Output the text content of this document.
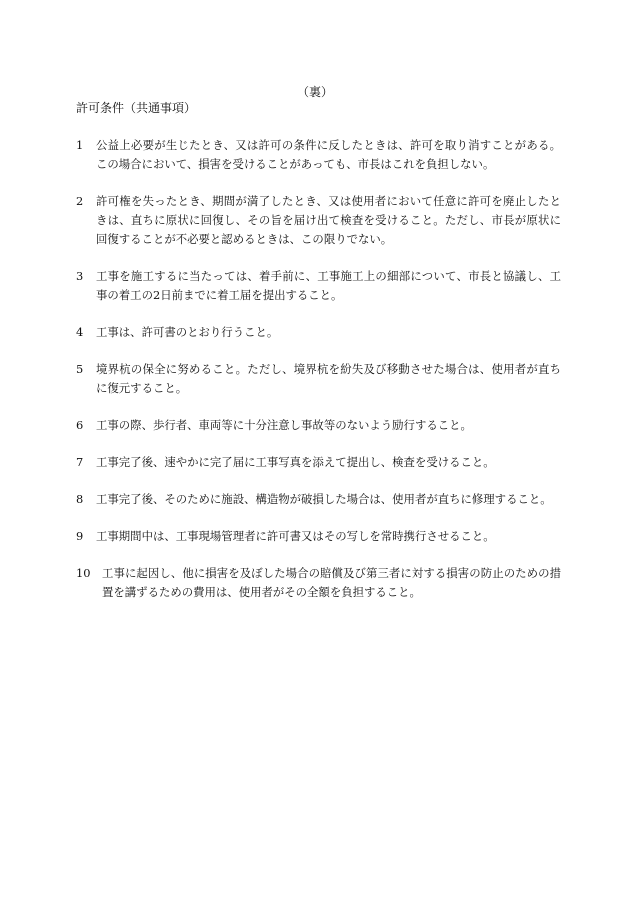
（裏）
許可条件（共通事項）
1	公益上必要が生じたとき、又は許可の条件に反したときは、許可を取り消すことがある。この場合において、損害を受けることがあっても、市長はこれを負担しない。
2	許可権を失ったとき、期間が満了したとき、又は使用者において任意に許可を廃止したときは、直ちに原状に回復し、その旨を届け出て検査を受けること。ただし、市長が原状に回復することが不必要と認めるときは、この限りでない。
3	工事を施工するに当たっては、着手前に、工事施工上の細部について、市長と協議し、工事の着工の2日前までに着工届を提出すること。
4	工事は、許可書のとおり行うこと。
5	境界杭の保全に努めること。ただし、境界杭を紛失及び移動させた場合は、使用者が直ちに復元すること。
6	工事の際、歩行者、車両等に十分注意し事故等のないよう励行すること。
7	工事完了後、速やかに完了届に工事写真を添えて提出し、検査を受けること。
8	工事完了後、そのために施設、構造物が破損した場合は、使用者が直ちに修理すること。
9	工事期間中は、工事現場管理者に許可書又はその写しを常時携行させること。
10	工事に起因し、他に損害を及ぼした場合の賠償及び第三者に対する損害の防止のための措置を講ずるための費用は、使用者がその全額を負担すること。
